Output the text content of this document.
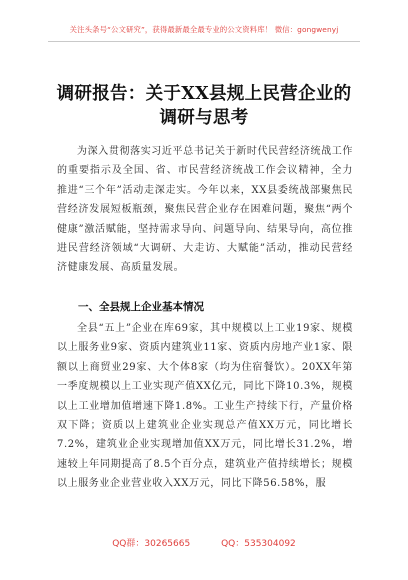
关注头条号“公文研究”，获得最新最全最专业的公文资料库！ 微信：gongwenyj
调研报告：关于XX县规上民营企业的
调研与思考

为深入贯彻落实习近平总书记关于新时代民营经济统战工作的重要指示及全国、省、市民营经济统战工作会议精神，全力推进“三个年”活动走深走实。今年以来，XX县委统战部聚焦民营经济发展短板瓶颈，聚焦民营企业存在困难问题，聚焦“两个健康”激活赋能，坚持需求导向、问题导向、结果导向，高位推进民营经济领域“大调研、大走访、大赋能”活动，推动民营经济健康发展、高质量发展。

一、全县规上企业基本情况

全县“五上”企业在库69家，其中规模以上工业19家、规模以上服务业9家、资质内建筑业11家、资质内房地产业1家、限额以上商贸业29家、大个体8家（均为住宿餐饮）。20XX年第一季度规模以上工业实现产值XX亿元，同比下降10.3%，规模以上工业增加值增速下降1.8%。工业生产持续下行，产量价格双下降；资质以上建筑业企业实现总产值XX万元，同比增长7.2%，建筑业企业实现增加值XX万元，同比增长31.2%，增速较上年同期提高了8.5个百分点，建筑业产值持续增长；规模以上服务业企业营业收入XX万元，同比下降56.58%，服

QQ群：30265665	QQ：535304092
